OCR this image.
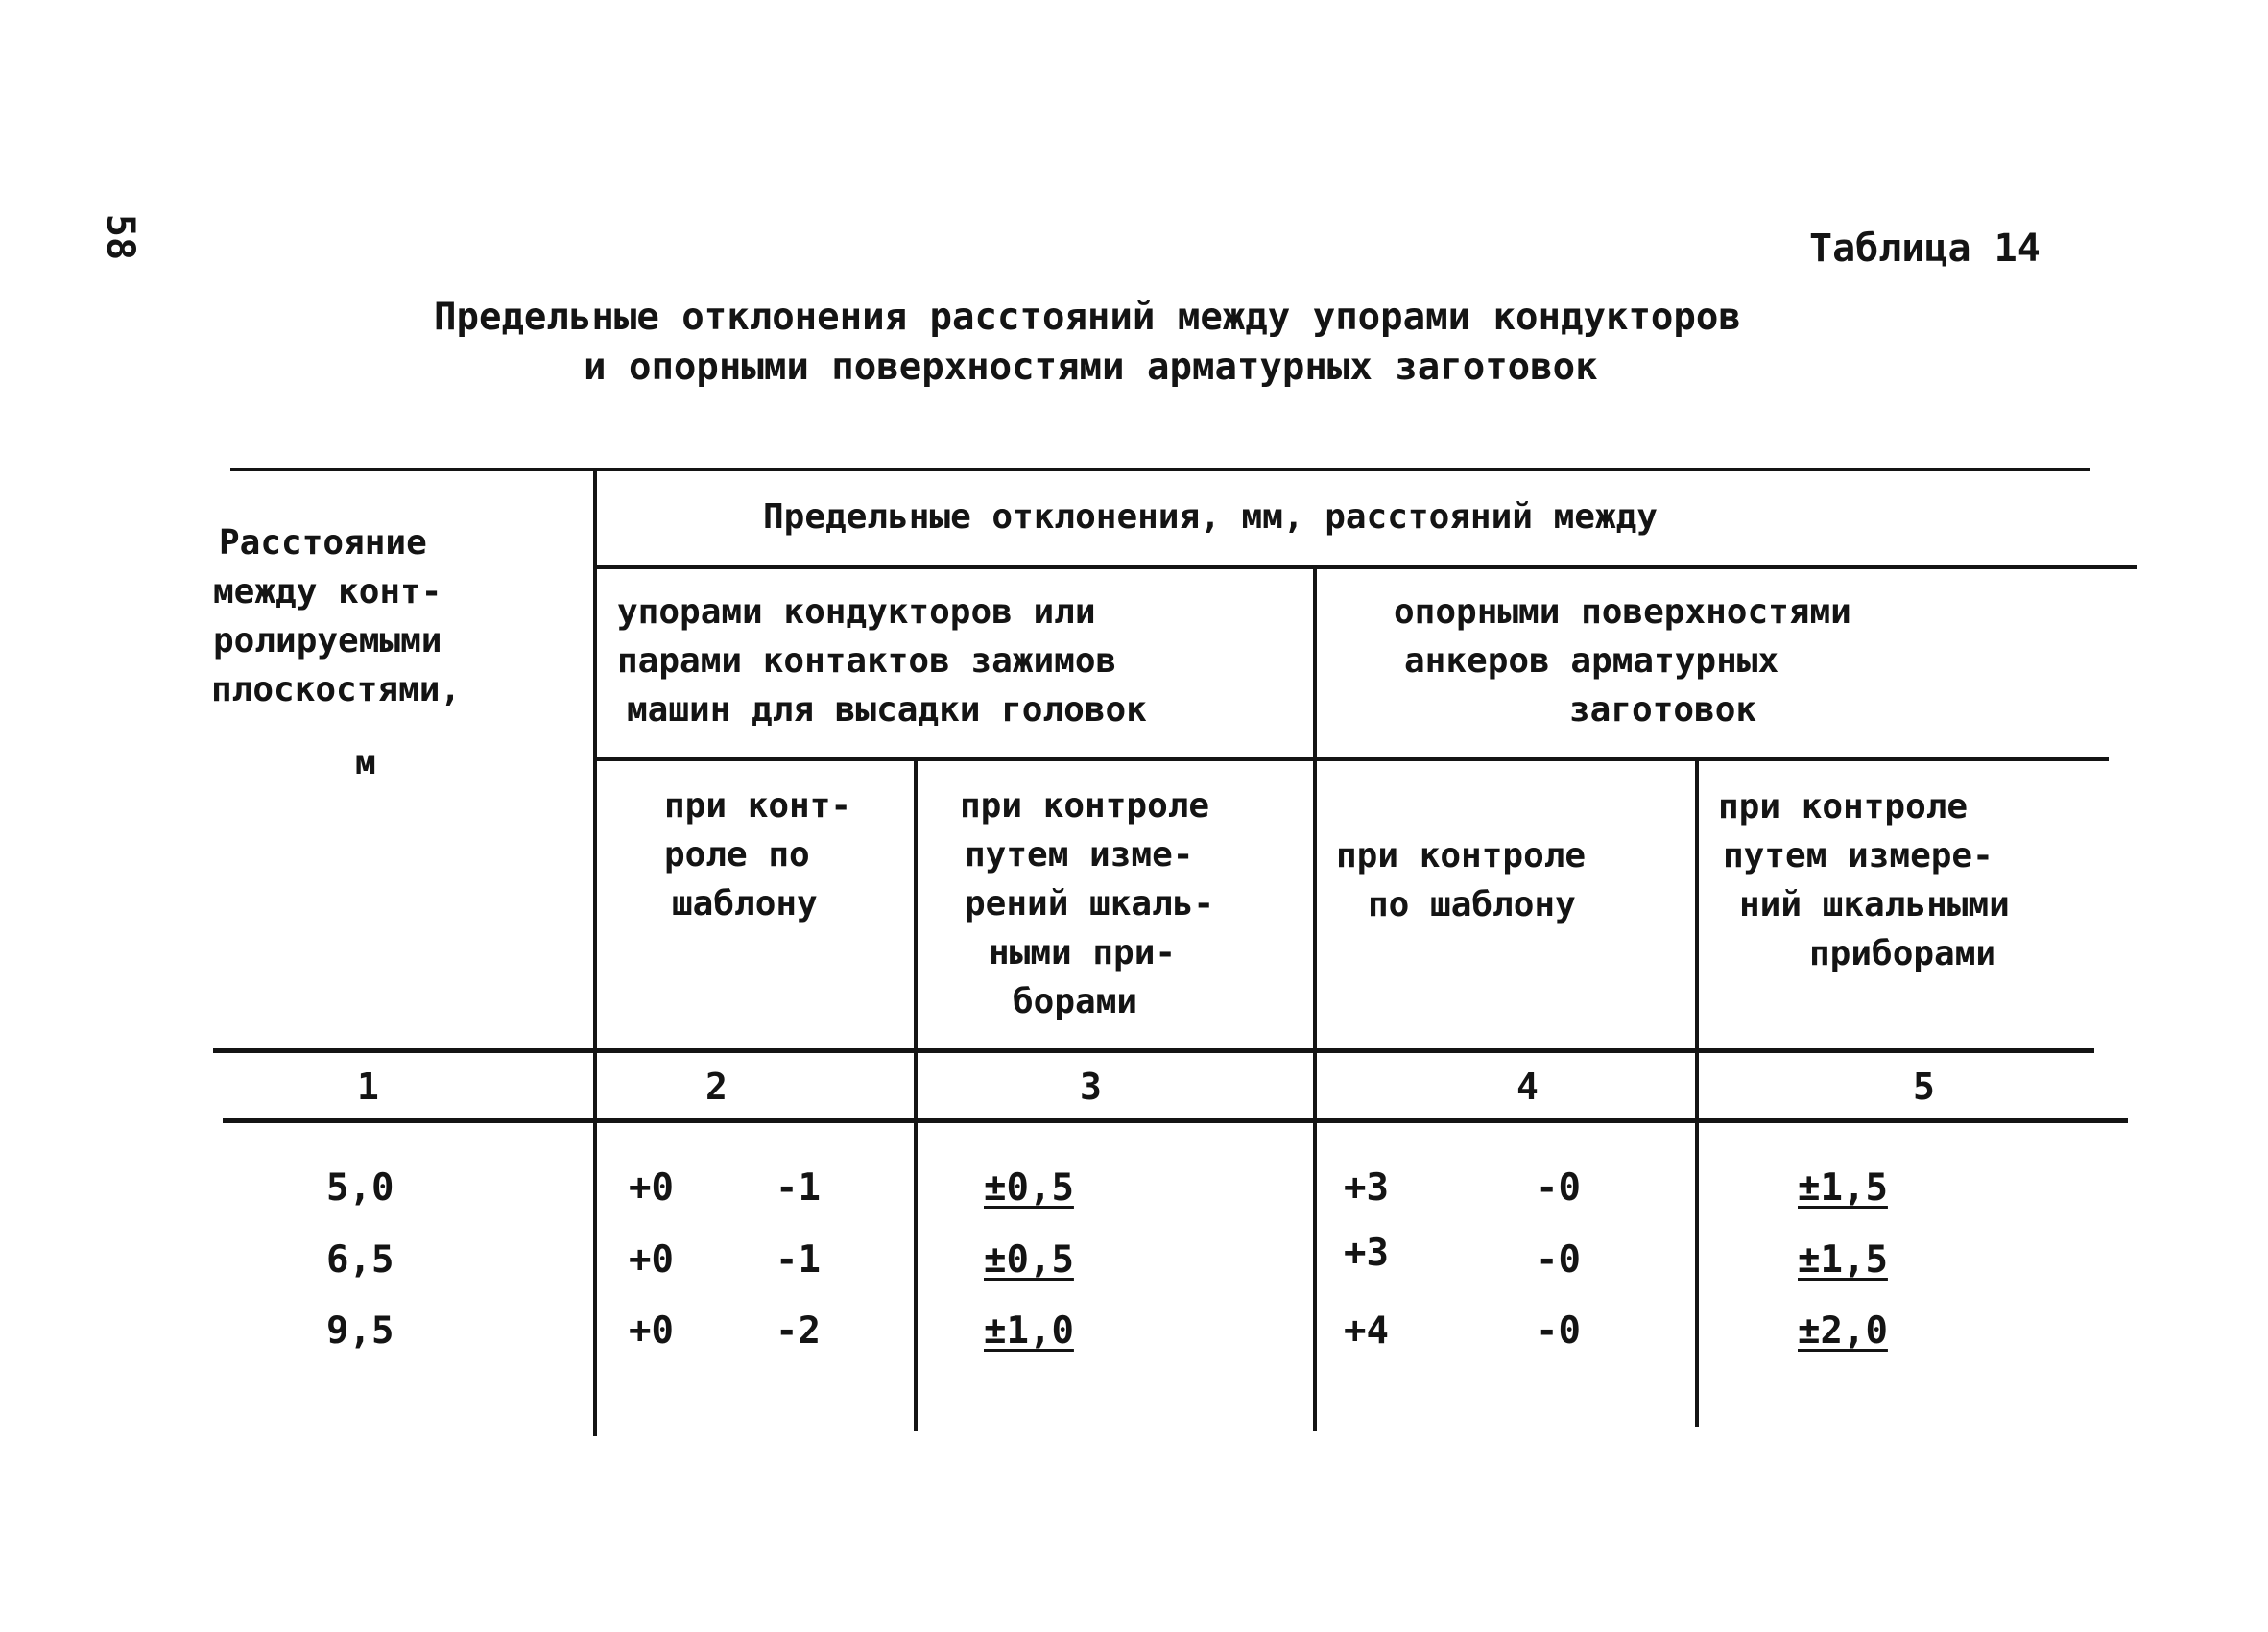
58	Таблица 14
Предельные отклонения расстояний между упорами кондукторов
и опорными поверхностями арматурных заготовок
Расстояние
между конт-
ролируемыми
плоскостями,
м
Предельные отклонения, мм, расстояний между
упорами кондукторов или
парами контактов зажимов
машин для высадки головок
опорными поверхностями
анкеров арматурных
заготовок
при конт-
роле по
шаблону
при контроле
путем изме-
рений шкаль-
ными при-
борами
при контроле
по шаблону
при контроле
путем измере-
ний шкальными
приборами
1	2	3	4	5
5,0	+0	-1	±0,5	+3	-0	±1,5
6,5	+0	-1	±0,5	+3	-0	±1,5
9,5	+0	-2	±1,0	+4	-0	±2,0
